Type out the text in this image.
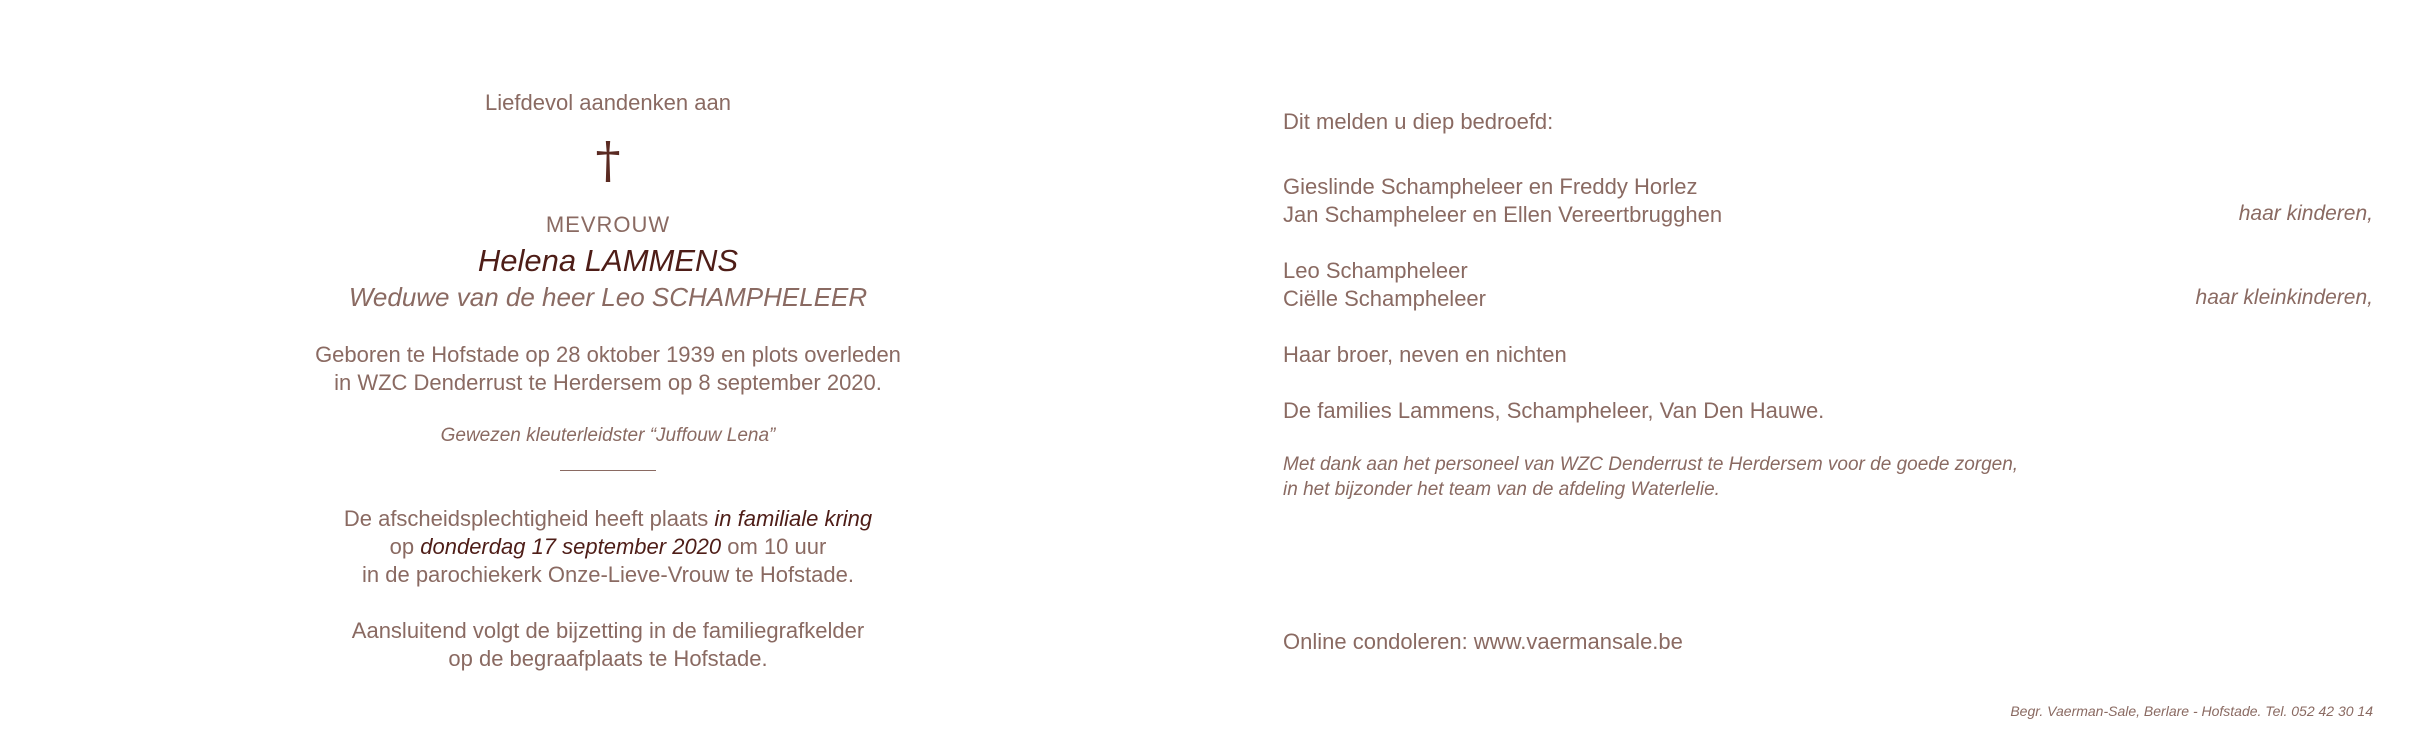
Liefdevol aandenken aan
†
MEVROUW
Helena LAMMENS
Weduwe van de heer Leo SCHAMPHELEER
Geboren te Hofstade op 28 oktober 1939 en plots overleden
in WZC Denderrust te Herdersem op 8 september 2020.
Gewezen kleuterleidster “Juffouw Lena”
De afscheidsplechtigheid heeft plaats in familiale kring
op donderdag 17 september 2020 om 10 uur
in de parochiekerk Onze-Lieve-Vrouw te Hofstade.
Aansluitend volgt de bijzetting in de familiegrafkelder
op de begraafplaats te Hofstade.
Dit melden u diep bedroefd:
Gieslinde Schampheleer en Freddy Horlez
Jan Schampheleer en Ellen Vereertbrugghen	haar kinderen,
Leo Schampheleer
Ciëlle Schampheleer	haar kleinkinderen,
Haar broer, neven en nichten
De families Lammens, Schampheleer, Van Den Hauwe.
Met dank aan het personeel van WZC Denderrust te Herdersem voor de goede zorgen,
in het bijzonder het team van de afdeling Waterlelie.
Online condoleren: www.vaermansale.be
Begr. Vaerman-Sale, Berlare - Hofstade. Tel. 052 42 30 14
